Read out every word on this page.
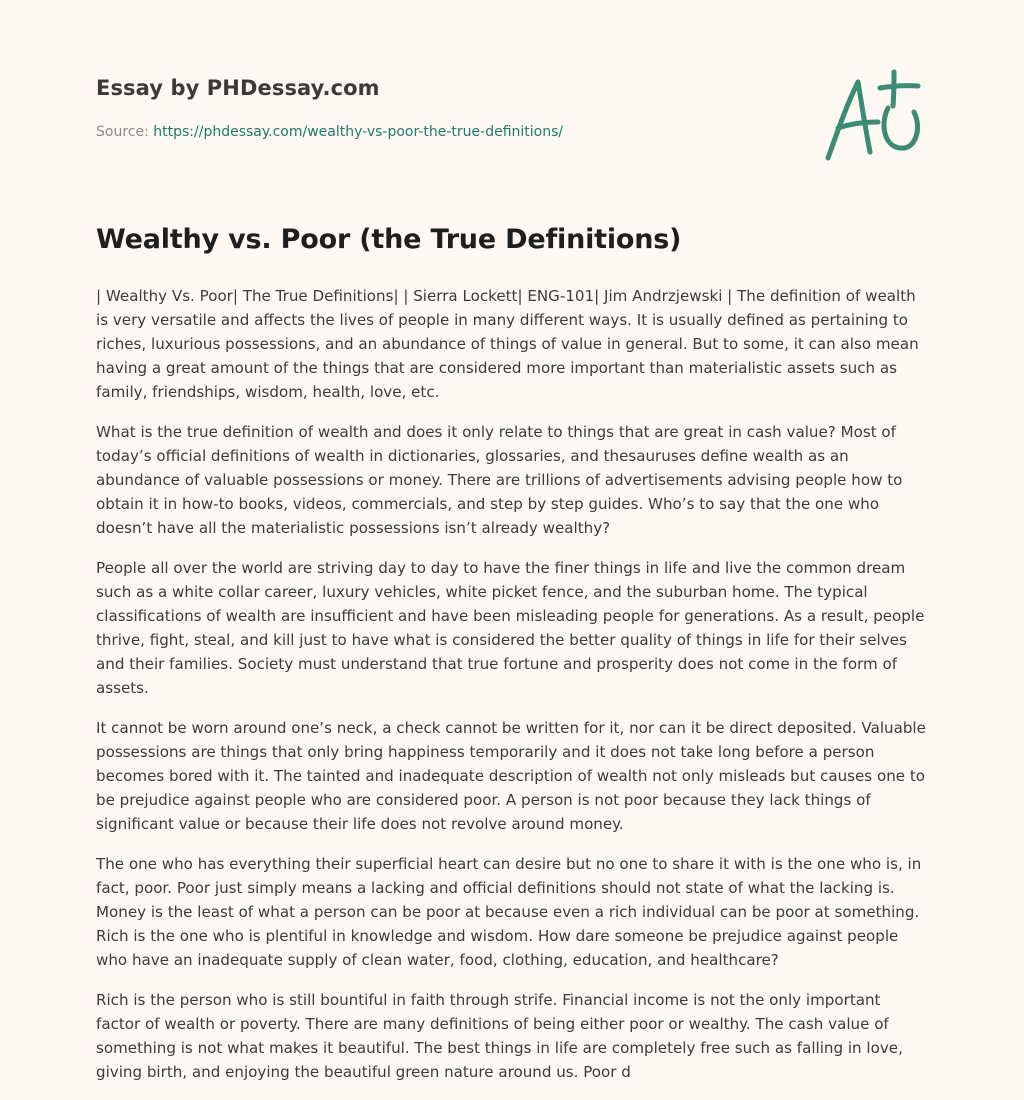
Essay by PHDessay.com
Source: https://phdessay.com/wealthy-vs-poor-the-true-definitions/
Wealthy vs. Poor (the True Definitions)

| Wealthy Vs. Poor| The True Definitions| | Sierra Lockett| ENG-101| Jim Andrzjewski | The definition of wealth is very versatile and affects the lives of people in many different ways. It is usually defined as pertaining to riches, luxurious possessions, and an abundance of things of value in general. But to some, it can also mean having a great amount of the things that are considered more important than materialistic assets such as family, friendships, wisdom, health, love, etc.

What is the true definition of wealth and does it only relate to things that are great in cash value? Most of today’s official definitions of wealth in dictionaries, glossaries, and thesauruses define wealth as an abundance of valuable possessions or money. There are trillions of advertisements advising people how to obtain it in how-to books, videos, commercials, and step by step guides. Who’s to say that the one who doesn’t have all the materialistic possessions isn’t already wealthy?

People all over the world are striving day to day to have the finer things in life and live the common dream such as a white collar career, luxury vehicles, white picket fence, and the suburban home. The typical classifications of wealth are insufficient and have been misleading people for generations. As a result, people thrive, fight, steal, and kill just to have what is considered the better quality of things in life for their selves and their families. Society must understand that true fortune and prosperity does not come in the form of assets.

It cannot be worn around one’s neck, a check cannot be written for it, nor can it be direct deposited. Valuable possessions are things that only bring happiness temporarily and it does not take long before a person becomes bored with it. The tainted and inadequate description of wealth not only misleads but causes one to be prejudice against people who are considered poor. A person is not poor because they lack things of significant value or because their life does not revolve around money.

The one who has everything their superficial heart can desire but no one to share it with is the one who is, in fact, poor. Poor just simply means a lacking and official definitions should not state of what the lacking is. Money is the least of what a person can be poor at because even a rich individual can be poor at something. Rich is the one who is plentiful in knowledge and wisdom. How dare someone be prejudice against people who have an inadequate supply of clean water, food, clothing, education, and healthcare?

Rich is the person who is still bountiful in faith through strife. Financial income is not the only important factor of wealth or poverty. There are many definitions of being either poor or wealthy. The cash value of something is not what makes it beautiful. The best things in life are completely free such as falling in love, giving birth, and enjoying the beautiful green nature around us. Poor d
